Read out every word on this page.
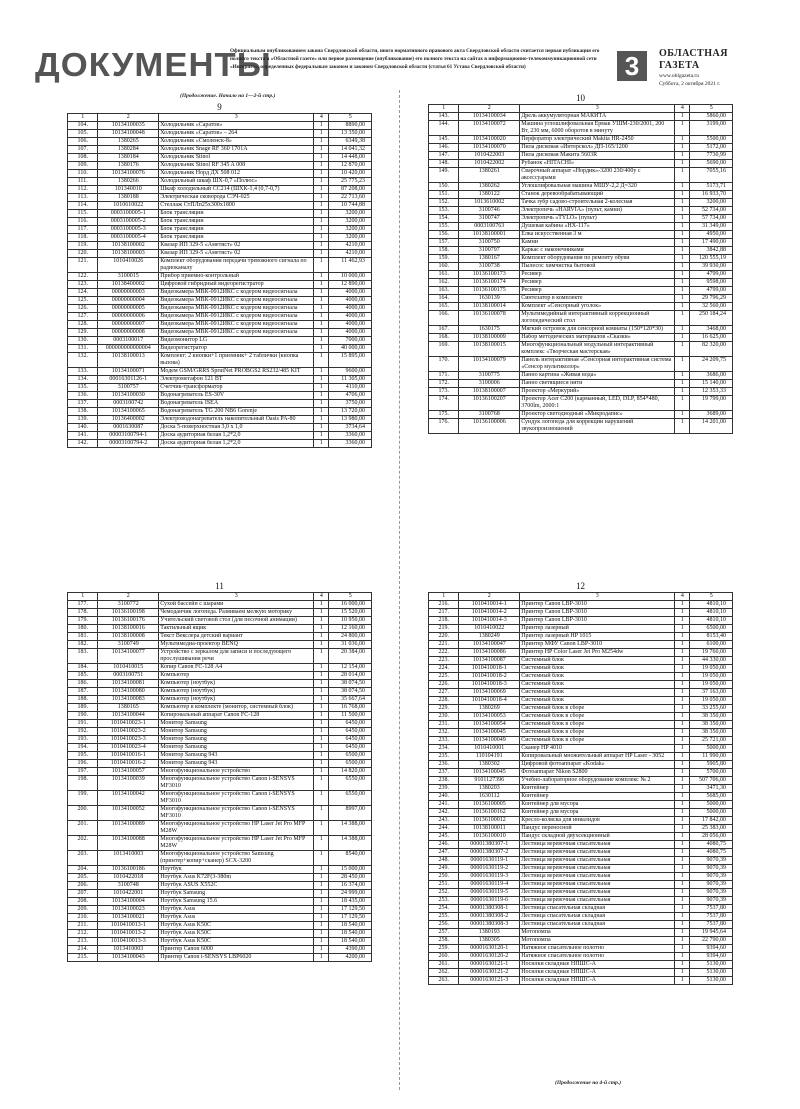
ДОКУМЕНТЫ
Официальным опубликованием закона Свердловской области, иного нормативного правового акта Свердловской области считается первая публикация его полного текста в «Областной газете» или первое размещение (опубликование) его полного текста на сайтах в информационно-телекоммуникационной сети «Интернет», определенных федеральным законом и законом Свердловской области (статья 61 Устава Свердловской области)	3	ОБЛАСТНАЯ ГАЗЕТА
www.oblgazeta.ru
Суббота, 2 октября 2021 г.
(Продолжение. Начало на 1—2-й стр.)
(Продолжение на 4-й стр.)
9
1	2	3	4	5
104.	10134100035	Холодильник «Саратов»	1	8890,00
105.	10134100048	Холодильник «Саратов» – 264	1	13 350,00
106.	1380265	Холодильник «Смоленск-8»	1	6349,38
107.	1380284	Холодильник Snage RF 360 1701A	1	14 041,32
108.	1380184	Холодильник Stinol	1	14 448,00
109.	1380176	Холодильник Stinol RF 345 A 008	1	12 870,00
110.	10134100076	Холодильник Норд ДХ 508 012	1	10 420,00
111.	1380266	Холодильный шкаф ШХ-0,7 «Полюс»	1	25 775,23
112.	101340010	Шкаф холодильный СС214 (ШХК-1,4 (0,7-0,7)	1	87 208,00
113.	1380188	Электрическая сковорода СЭЧ-025	1	22 713,60
114.	1010610022	Стеллаж СтПЛп25х300х1800	1	10 744,88
115.	0003100005-1	Блок трансляции	1	3200,00
116.	0003100005-2	Блок трансляции	1	3200,00
117.	0003100005-3	Блок трансляции	1	3200,00
118.	0003100005-4	Блок трансляции	1	3200,00
119.	10138100002	Квазар ИП 329-5 «Аметист» 02	1	4210,00
120.	10138100003	Квазар ИП 329-5 «Аметист» 02	1	4210,00
121.	1010410026	Комплект оборудования передачи тревожного сигнала по радиоканалу	1	11 462,93
122.	3100015	Прибор приемно-контрольный	1	10 000,00
123.	10138400002	Цифровой гибридный видеорегистратор	1	12 890,00
124.	00000000003	Видеокамера МВК-0912ИКС с кодером видеосигнала	1	4000,00
125.	00000000004	Видеокамера МВК-0912ИКС с кодером видеосигнала	1	4000,00
126.	00000000005	Видеокамера МВК-0912ИКС с кодером видеосигнала	1	4000,00
127.	00000000006	Видеокамера МВК-0912ИКС с кодером видеосигнала	1	4000,00
128.	00000000007	Видеокамера МВК-0912ИКС с кодером видеосигнала	1	4000,00
129.	00000000008	Видеокамера МВК-0912ИКС с кодером видеосигнала	1	4000,00
130.	0003100017	Видеомонитор LG	1	7000,00
131.	000000000000004	Видеорегистратор	1	40 000,00
132.	10138100013	Комплект: 2 кнопки+1 приемник+ 2 таблички (кнопка вызова)	1	15 895,00
133.	10134100071	Модем GSM/GRRS SprutNet PROBGS2 RS232/485 KIT	1	9600,00
134.	00016301126-1	Электромегафон 121 ВТ	1	11 305,00
135.	3100757	Счетчик-трансформатор	1	4110,00
136.	10134100030	Водонагреватель ES-30V	1	4706,00
137.	0003100742	Водонагреватель ISEA	1	3750,00
138.	10134100065	Водонагреватель TG 200 NB6 Gorenje	1	13 720,00
139.	10136400002	Электроводонагреватель накопительный Oasis PA-80	1	13 980,00
140.	0001630087	Доска 5-поверхностная 3,0 х 1,0	1	3734,64
141.	00003100794-1	Доска аудиторная белая 1,2*2,0	1	3360,00
142.	00003100794-2	Доска аудиторная белая 1,2*2,0	1	3360,00
10
1	2	3	4	5
143.	10134100034	Дрель аккумуляторная МАКИТА	1	5860,00
144.	10134100072	Машина углошлифовальная Ермак УШМ-230/2001, 200 Вт, 230 мм, 6000 оборотов в минуту	1	3199,00
145.	10134100020	Перфоратор электрический Makita HR-2450	1	5500,00
146.	10134100070	Пила дисковая «Интерскол» ДП-165/1200	1	5172,00
147.	1010422003	Пила дисковая Макита 5603R	1	7730,99
148.	1010422002	Рубанок «HITACHI»	1	5690,00
149.	1380261	Сварочный аппарат «Нордик»-3200 230/400у с аксессуарами	1	7055,16
150.	1380262	Углошлифовальная машина МШУ-2,2 Д=320	1	5173,71
151.	1380122	Станок деревообрабатывающий	1	16 933,70
152.	1013610002	Тачка зубр садово-строительная 2-колесная	1	3200,00
153.	3100746	Электропечь «HARVIA» (пульт, камни)	1	52 734,00
154.	3100747	Электропечь «TYLO» (пульт)	1	57 734,00
155.	0003100763	Душевая кабина «НХ-117»	1	31 349,00
156.	10138100001	Елка искусственная 3 м	1	4950,00
157.	3100750	Камни	1	17 490,00
158.	3100797	Каркас с наконечниками	1	3842,88
159.	1380167	Комплект оборудования по ремонту обуви	1	120 555,19
160.	3100738	Пылесос химчистка бытовой	1	39 930,00
161.	10136100173	Ресивер	1	4799,00
162.	10136100174	Ресивер	1	9598,00
163.	10136100175	Ресивер	1	4799,00
164.	1630139	Синтезатор в комплекте	1	29 796,29
165.	10138100014	Комплект «Сенсорный уголок»	1	32 560,00
166.	10136100078	Мультимедийный интерактивный коррекционный логопедический стол	1	250 184,24
167.	1630175	Мягкий островок для сенсорной комнаты (150*120*30)	1	3468,00
168.	10138100009	Набор методических материалов «Сказки»	1	16 625,00
169.	10138100015	Многофункциональный модульный интерактивный комплекс «Творческая мастерская»	1	82 320,00
170.	10134100079	Панель интерактивная «Сенсорная интерактивная система «Сенсор мультиколор»	1	24 209,75
171.	3100775	Панно картина «Живая вода»	1	3686,00
172.	3100006	Панно светящиеся нити	1	15 140,00
173.	10138100007	Проектор «Меркурий»	1	12 353,33
174.	10136100207	Проектор Acer C200 (карманный, LED, DLP, 854*480, 3700lm, 2000:1	1	19 799,00
175.	3100768	Проектор светодиодный «Микродапис»	1	3689,00
176.	10136100006	Сундук логопеда для коррекции нарушений звукопроизношений	1	14 201,00
11
1	2	3	4	5
177.	3100772	Сухой бассейн с шарами	1	16 000,00
178.	10136100198	Чемоданчик логопеда. Развиваем мелкую моторику	1	15 520,00
179.	10136100176	Учительский световой стол (для песочной анимации)	1	10 950,00
180.	10138100016	Тактильный ящик	1	12 160,00
181.	10138100008	Текст Векслера детский вариант	1	24 800,00
182.	3100749	Мультимедиа-проектор BENQ	1	31 036,00
183.	10134100077	Устройство с зеркалом для записи и последующего прослушивания речи	1	20 384,00
184.	1010410015	Копир Canon FC-128 А4	1	12 154,00
185.	0003100751	Компьютер	1	28 014,00
186.	10134100081	Компьютер (ноутбук)	1	38 074,50
187.	10134100080	Компьютер (ноутбук)	1	38 074,50
188.	10134100083	Компьютер (ноутбук)	1	35 667,64
189.	1380165	Компьютер в комплекте (монитор, системный блок)	1	16 768,00
190.	10134100044	Копировальный аппарат Canon FC-128	1	11 500,00
191.	1010410023-1	Монитор Samsung	1	6450,00
192.	1010410023-2	Монитор Samsung	1	6450,00
193.	1010410023-3	Монитор Samsung	1	6450,00
194.	1010410023-4	Монитор Samsung	1	6450,00
195.	1010410016-1	Монитор Samsung 943	1	6500,00
196.	1010410016-2	Монитор Samsung 943	1	6500,00
197.	10134100057	Многофункциональное устройство	1	14 820,00
198.	10134100039	Многофункциональное устройство Canon i-SENSYS MF3010	1	6550,00
199.	10134100042	Многофункциональное устройство Canon i-SENSYS MF3010	1	6550,00
200.	10134100052	Многофункциональное устройство Canon i-SENSYS MF3010	1	8997,00
201.	10134100089	Многофункциональное устройство HP Laser Jet Pro MFP M28W	1	14 388,00
202.	10134100088	Многофункциональное устройство HP Laser Jet Pro MFP M28W	1	14 388,00
203.	1013410003	Многофункциональное устройство Samsung (принтер+копир+сканер) SCX-3200	1	8540,00
204.	10136100186	Ноутбук	1	15 000,00
205.	1010422018	Ноутбук Asus K72F(3-380m	1	28 450,00
206.	3100748	Ноутбук ASUS X552C	1	16 374,00
207.	1010422001	Ноутбук Samsung	1	24 999,00
208.	10134100004	Ноутбук Samsung 15.6	1	18 435,00
209.	10134100023	Ноутбук Asus	1	17 129,50
210.	10134100021	Ноутбук Asus	1	17 129,50
211.	1010410013-1	Ноутбук Asus K50C	1	18 540,00
212.	1010410013-2	Ноутбук Asus K50C	1	18 540,00
213.	1010410013-3	Ноутбук Asus K50C	1	18 540,00
214.	1013410003	Принтер Canon 6000	1	4390,00
215.	10134100043	Принтер Canon i-SENSYS LBP6020	1	4200,00
12
1	2	3	4	5
216.	1010410014-1	Принтер Canon LBP-3010	1	4810,10
217.	1010410014-2	Принтер Canon LBP-3010	1	4810,10
218.	1010410014-3	Принтер Canon LBP-3010	1	4810,10
219.	1010410022	Принтер лазерный	1	6500,00
220.	1380249	Принтер лазерный HP 1015	1	8153,40
221.	10134100047	Принтер МФУ Canon LBP-3010	1	6100,00
222.	10134100086	Принтер HP Color Laser Jet Pro M254dw	1	19 760,00
223.	10134100087	Системный блок	1	44 330,00
224.	1010410018-1	Системный блок	1	19 050,00
225.	1010410018-2	Системный блок	1	19 050,00
226.	1010410018-3	Системный блок	1	19 050,00
227.	10134100069	Системный блок	1	37 163,00
228.	1010410018-4	Системный блок	1	19 050,00
229.	1380269	Системный блок в сборе	1	33 255,60
230.	10134100053	Системный блок в сборе	1	38 350,00
231.	10134100054	Системный блок в сборе	1	38 350,00
232.	10134100045	Системный блок в сборе	1	38 350,00
233.	10134100049	Системный блок в сборе	1	25 721,00
234.	1010410001	Сканер HP 4010	1	5000,00
235.	110104191	Копировальный множительный аппарат HP Laser - 3052	1	11 990,00
236.	1380302	Цифровой фотоаппарат «Kodak»	1	5905,80
237.	10134100045	Фотоаппарат Nikon S2800	1	5700,00
238.	9101127396	Учебно-лабораторное оборудование комплекс № 2	1	507 706,00
239.	1380203	Контейнер	1	3471,30
240.	1630112	Контейнер	1	5685,00
241.	10136100005	Контейнер для мусора	1	5000,00
242.	10136100162	Контейнер для мусора	1	5000,00
243.	10136100012	Кресло-коляска для инвалидов	1	17 842,00
244.	10138100011	Пандус переносной	1	25 383,00
245.	10136100010	Пандус складной двухсекционный	1	28 056,00
246.	00001380307-1	Лестница веревочная спасательная	1	4080,75
247.	00001380307-2	Лестница веревочная спасательная	1	4080,75
248.	00001630119-1	Лестница веревочная спасательная	1	9070,39
249.	00001630119-2	Лестница веревочная спасательная	1	9070,39
250.	00001630119-3	Лестница веревочная спасательная	1	9070,39
251.	00001630119-4	Лестница веревочная спасательная	1	9070,39
252.	00001630119-5	Лестница веревочная спасательная	1	9070,39
253.	00001630119-6	Лестница веревочная спасательная	1	9070,39
254.	00001380308-1	Лестница спасательная складная	1	7537,80
255.	00001380308-2	Лестница спасательная складная	1	7537,80
256.	00001380308-3	Лестница спасательная складная	1	7537,80
257.	1380193	Мотопомпа	1	19 945,64
258.	1380305	Мотопомпа	1	22 790,00
259.	00001630120-1	Натяжное спасательное полотно	1	9394,60
260.	00001630120-2	Натяжное спасательное полотно	1	9394,60
261.	00001630121-1	Носилки складные НПШС-А	1	5130,00
262.	00001630121-2	Носилки складные НПШС-А	1	5130,00
263.	00001630121-3	Носилки складные НПШС-А	1	5130,00
